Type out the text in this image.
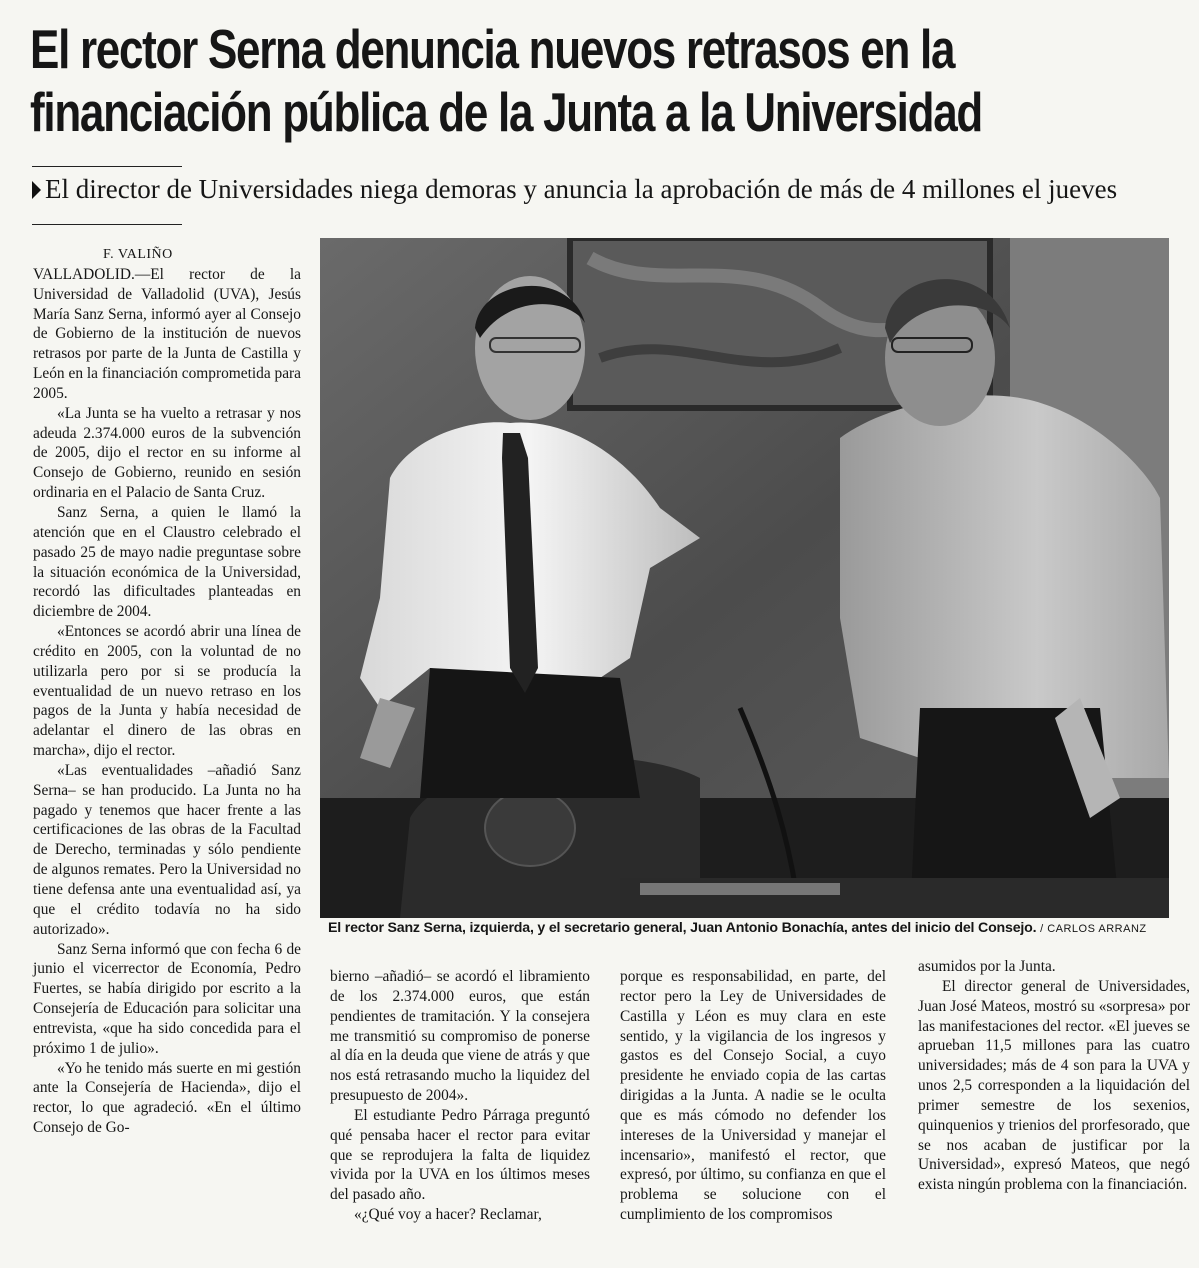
El rector Serna denuncia nuevos retrasos en la financiación pública de la Junta a la Universidad
El director de Universidades niega demoras y anuncia la aprobación de más de 4 millones el jueves

F. VALIÑO

VALLADOLID.—El rector de la Universidad de Valladolid (UVA), Jesús María Sanz Serna, informó ayer al Consejo de Gobierno de la institución de nuevos retrasos por parte de la Junta de Castilla y León en la financiación comprometida para 2005.

«La Junta se ha vuelto a retrasar y nos adeuda 2.374.000 euros de la subvención de 2005, dijo el rector en su informe al Consejo de Gobierno, reunido en sesión ordinaria en el Palacio de Santa Cruz.

Sanz Serna, a quien le llamó la atención que en el Claustro celebrado el pasado 25 de mayo nadie preguntase sobre la situación económica de la Universidad, recordó las dificultades planteadas en diciembre de 2004.

«Entonces se acordó abrir una línea de crédito en 2005, con la voluntad de no utilizarla pero por si se producía la eventualidad de un nuevo retraso en los pagos de la Junta y había necesidad de adelantar el dinero de las obras en marcha», dijo el rector.

«Las eventualidades –añadió Sanz Serna– se han producido. La Junta no ha pagado y tenemos que hacer frente a las certificaciones de las obras de la Facultad de Derecho, terminadas y sólo pendiente de algunos remates. Pero la Universidad no tiene defensa ante una eventualidad así, ya que el crédito todavía no ha sido autorizado».

Sanz Serna informó que con fecha 6 de junio el vicerrector de Economía, Pedro Fuertes, se había dirigido por escrito a la Consejería de Educación para solicitar una entrevista, «que ha sido concedida para el próximo 1 de julio».

«Yo he tenido más suerte en mi gestión ante la Consejería de Hacienda», dijo el rector, lo que agradeció. «En el último Consejo de Go-

El rector Sanz Serna, izquierda, y el secretario general, Juan Antonio Bonachía, antes del inicio del Consejo. / CARLOS ARRANZ

bierno –añadió– se acordó el libramiento de los 2.374.000 euros, que están pendientes de tramitación. Y la consejera me transmitió su compromiso de ponerse al día en la deuda que viene de atrás y que nos está retrasando mucho la liquidez del presupuesto de 2004».

El estudiante Pedro Párraga preguntó qué pensaba hacer el rector para evitar que se reprodujera la falta de liquidez vivida por la UVA en los últimos meses del pasado año.

«¿Qué voy a hacer? Reclamar,

porque es responsabilidad, en parte, del rector pero la Ley de Universidades de Castilla y Léon es muy clara en este sentido, y la vigilancia de los ingresos y gastos es del Consejo Social, a cuyo presidente he enviado copia de las cartas dirigidas a la Junta. A nadie se le oculta que es más cómodo no defender los intereses de la Universidad y manejar el incensario», manifestó el rector, que expresó, por último, su confianza en que el problema se solucione con el cumplimiento de los compromisos

asumidos por la Junta.

El director general de Universidades, Juan José Mateos, mostró su «sorpresa» por las manifestaciones del rector. «El jueves se aprueban 11,5 millones para las cuatro universidades; más de 4 son para la UVA y unos 2,5 corresponden a la liquidación del primer semestre de los sexenios, quinquenios y trienios del prorfesorado, que se nos acaban de justificar por la Universidad», expresó Mateos, que negó exista ningún problema con la financiación.
